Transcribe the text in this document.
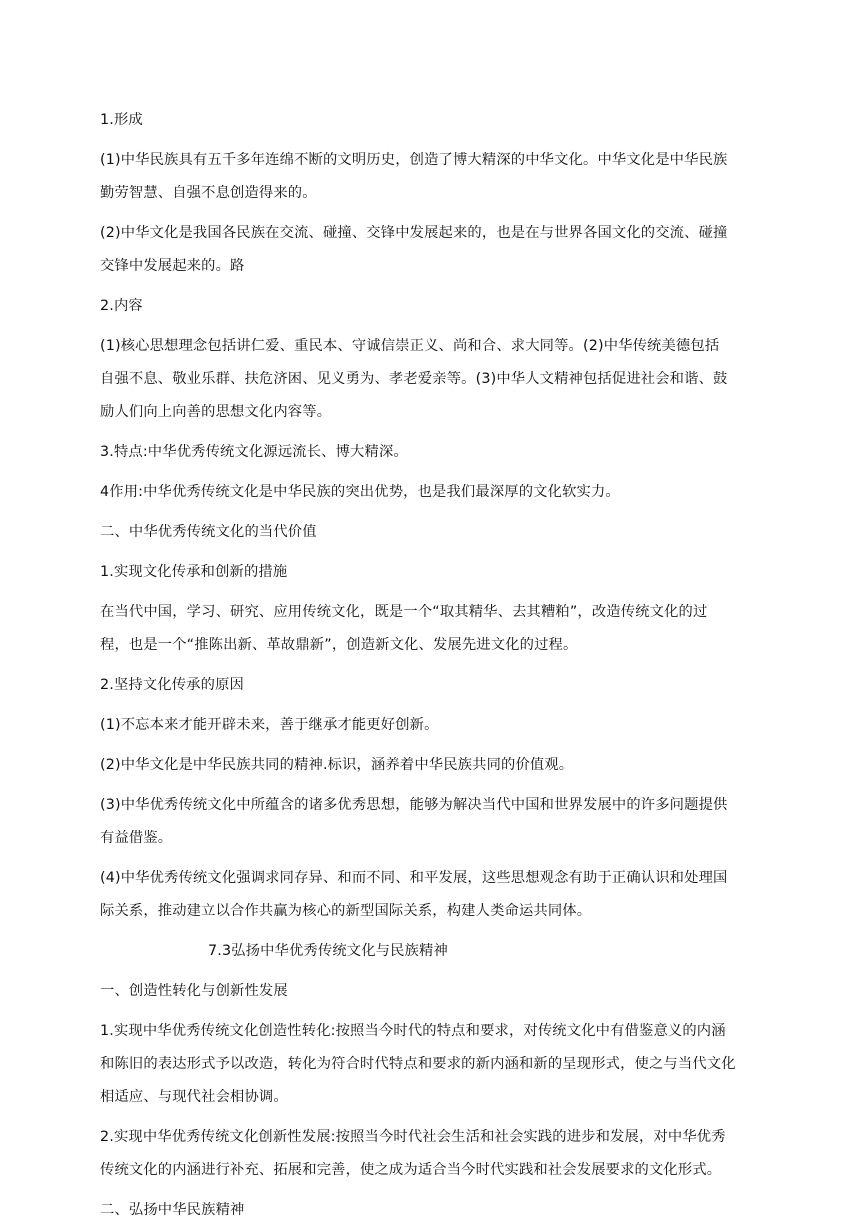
1.形成
(1)中华民族具有五千多年连绵不断的文明历史，创造了博大精深的中华文化。中华文化是中华民族
勤劳智慧、自强不息创造得来的。
(2)中华文化是我国各民族在交流、碰撞、交锋中发展起来的，也是在与世界各国文化的交流、碰撞
交锋中发展起来的。路
2.内容
(1)核心思想理念包括讲仁爱、重民本、守诚信崇正义、尚和合、求大同等。(2)中华传统美德包括
自强不息、敬业乐群、扶危济困、见义勇为、孝老爱亲等。(3)中华人文精神包括促进社会和谐、鼓
励人们向上向善的思想文化内容等。
3.特点:中华优秀传统文化源远流长、博大精深。
4作用:中华优秀传统文化是中华民族的突出优势，也是我们最深厚的文化软实力。
二、中华优秀传统文化的当代价值
1.实现文化传承和创新的措施
在当代中国，学习、研究、应用传统文化，既是一个“取其精华、去其糟粕”，改造传统文化的过
程，也是一个“推陈出新、革故鼎新”，创造新文化、发展先进文化的过程。
2.坚持文化传承的原因
(1)不忘本来才能开辟未来，善于继承才能更好创新。
(2)中华文化是中华民族共同的精神.标识，涵养着中华民族共同的价值观。
(3)中华优秀传统文化中所蕴含的诸多优秀思想，能够为解决当代中国和世界发展中的许多问题提供
有益借鉴。
(4)中华优秀传统文化强调求同存异、和而不同、和平发展，这些思想观念有助于正确认识和处理国
际关系，推动建立以合作共赢为核心的新型国际关系，构建人类命运共同体。
7.3弘扬中华优秀传统文化与民族精神
一、创造性转化与创新性发展
1.实现中华优秀传统文化创造性转化:按照当今时代的特点和要求，对传统文化中有借鉴意义的内涵
和陈旧的表达形式予以改造，转化为符合时代特点和要求的新内涵和新的呈现形式，使之与当代文化
相适应、与现代社会相协调。
2.实现中华优秀传统文化创新性发展:按照当今时代社会生活和社会实践的进步和发展，对中华优秀
传统文化的内涵进行补充、拓展和完善，使之成为适合当今时代实践和社会发展要求的文化形式。
二、弘扬中华民族精神
